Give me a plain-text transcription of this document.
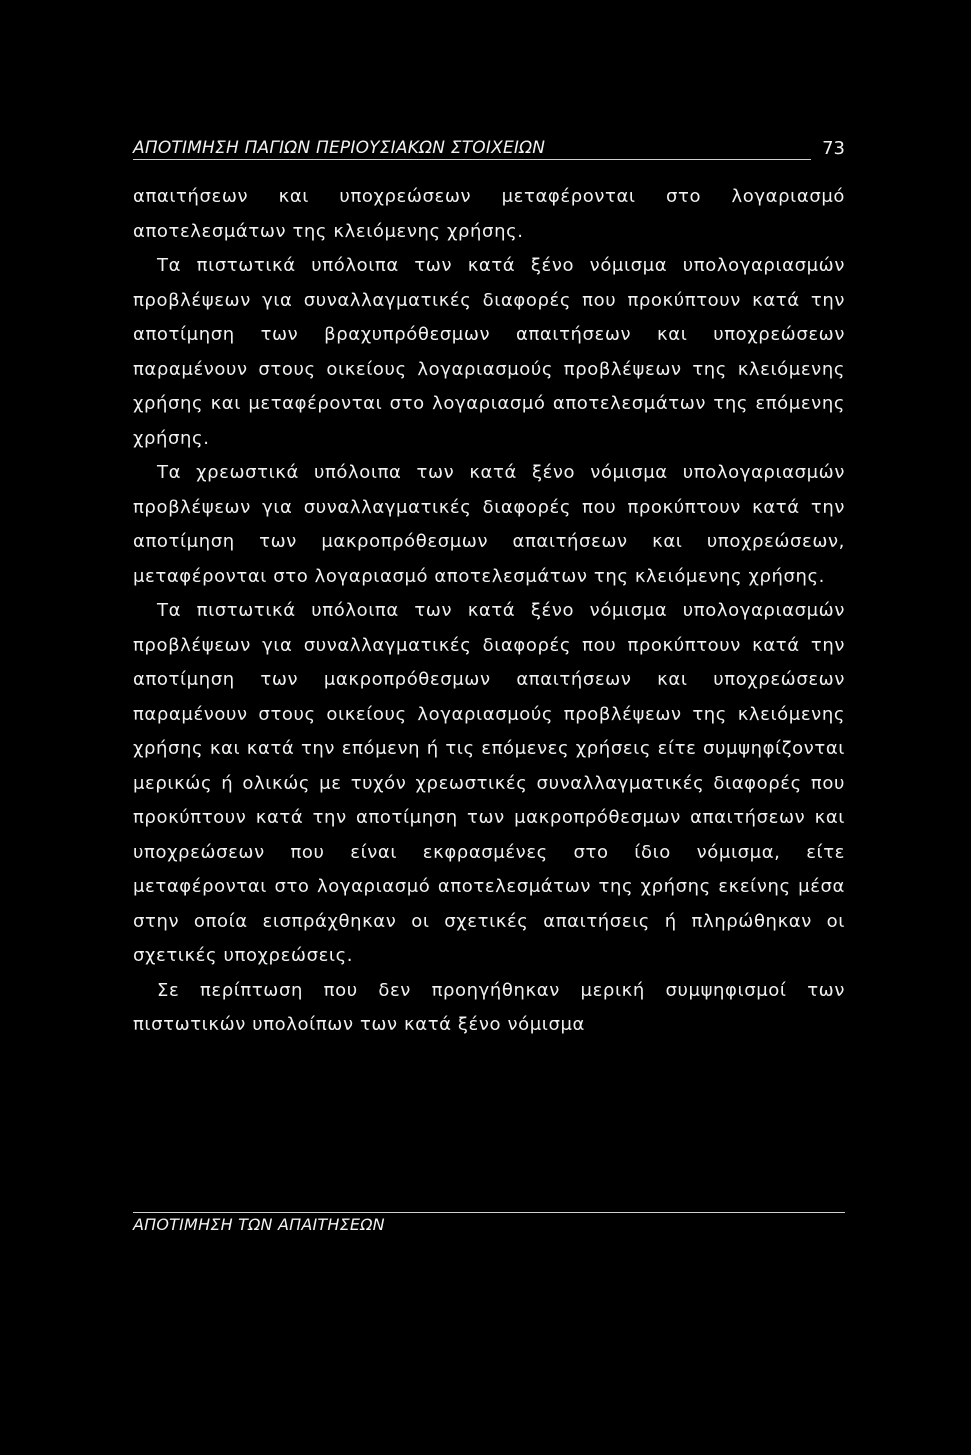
ΑΠΟΤΙΜΗΣΗ ΠΑΓΙΩΝ ΠΕΡΙΟΥΣΙΑΚΩΝ ΣΤΟΙΧΕΙΩΝ	73

απαιτήσεων και υποχρεώσεων μεταφέρονται στο λογαριασμό αποτελεσμάτων της κλειόμενης χρήσης.

Τα πιστωτικά υπόλοιπα των κατά ξένο νόμισμα υπολογαριασμών προβλέψεων για συναλλαγματικές διαφορές που προκύπτουν κατά την αποτίμηση των βραχυπρόθεσμων απαιτήσεων και υποχρεώσεων παραμένουν στους οικείους λογαριασμούς προβλέψεων της κλειόμενης χρήσης και μεταφέρονται στο λογαριασμό αποτελεσμάτων της επόμενης χρήσης.

Τα χρεωστικά υπόλοιπα των κατά ξένο νόμισμα υπολογαριασμών προβλέψεων για συναλλαγματικές διαφορές που προκύπτουν κατά την αποτίμηση των μακροπρόθεσμων απαιτήσεων και υποχρεώσεων, μεταφέρονται στο λογαριασμό αποτελεσμάτων της κλειόμενης χρήσης.

Τα πιστωτικά υπόλοιπα των κατά ξένο νόμισμα υπολογαριασμών προβλέψεων για συναλλαγματικές διαφορές που προκύπτουν κατά την αποτίμηση των μακροπρόθεσμων απαιτήσεων και υποχρεώσεων παραμένουν στους οικείους λογαριασμούς προβλέψεων της κλειόμενης χρήσης και κατά την επόμενη ή τις επόμενες χρήσεις είτε συμψηφίζονται μερικώς ή ολικώς με τυχόν χρεωστικές συναλλαγματικές διαφορές που προκύπτουν κατά την αποτίμηση των μακροπρόθεσμων απαιτήσεων και υποχρεώσεων που είναι εκφρασμένες στο ίδιο νόμισμα, είτε μεταφέρονται στο λογαριασμό αποτελεσμάτων της χρήσης εκείνης μέσα στην οποία εισπράχθηκαν οι σχετικές απαιτήσεις ή πληρώθηκαν οι σχετικές υποχρεώσεις.

Σε περίπτωση που δεν προηγήθηκαν μερική συμψηφισμοί των πιστωτικών υπολοίπων των κατά ξένο νόμισμα

ΑΠΟΤΙΜΗΣΗ ΤΩΝ ΑΠΑΙΤΗΣΕΩΝ
